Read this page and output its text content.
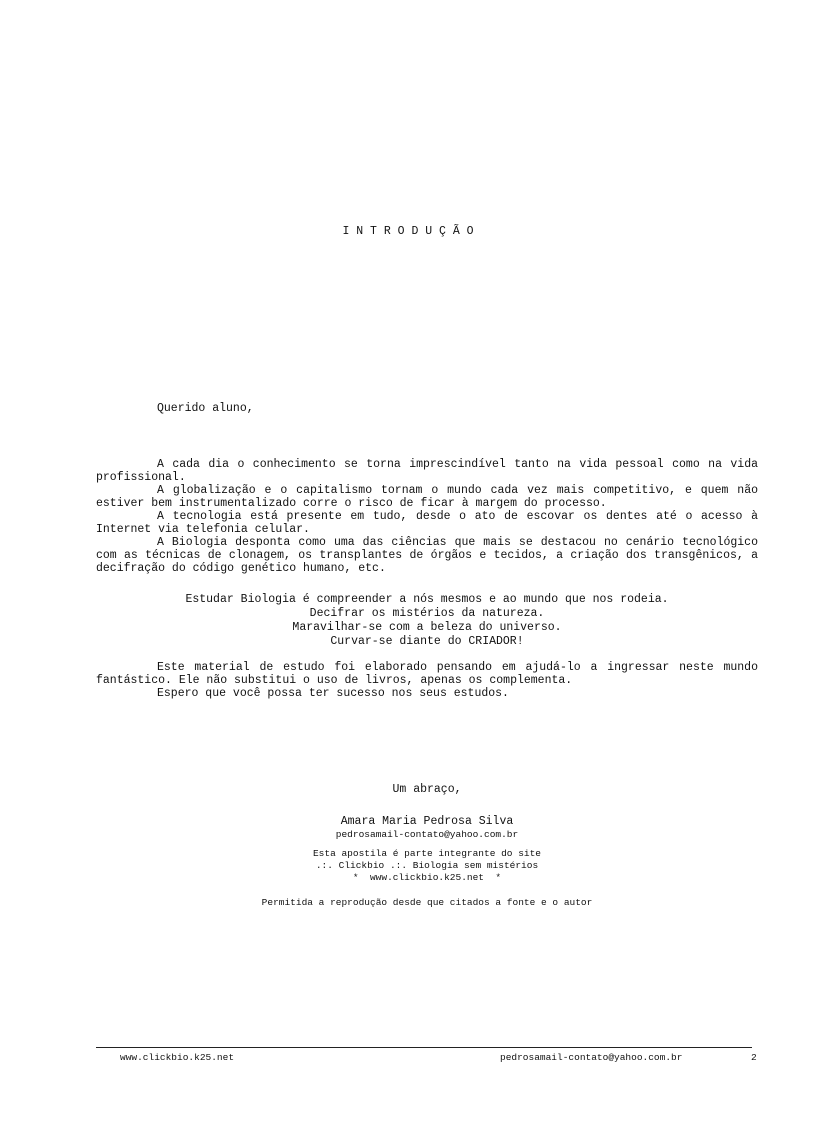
I N T R O D U Ç Ã O
Querido aluno,

A cada dia o conhecimento se torna imprescindível tanto na vida pessoal como na vida profissional.

A globalização e o capitalismo tornam o mundo cada vez mais competitivo, e quem não estiver bem instrumentalizado corre o risco de ficar à margem do processo.

A tecnologia está presente em tudo, desde o ato de escovar os dentes até o acesso à Internet via telefonia celular.

A Biologia desponta como uma das ciências que mais se destacou no cenário tecnológico com as técnicas de clonagem, os transplantes de órgãos e tecidos, a criação dos transgênicos, a decifração do código genético humano, etc.

Estudar Biologia é compreender a nós mesmos e ao mundo que nos rodeia.
Decifrar os mistérios da natureza.
Maravilhar-se com a beleza do universo.
Curvar-se diante do CRIADOR!

Este material de estudo foi elaborado pensando em ajudá-lo a ingressar neste mundo fantástico. Ele não substitui o uso de livros, apenas os complementa.

Espero que você possa ter sucesso nos seus estudos.

Um abraço,
Amara Maria Pedrosa Silva
pedrosamail-contato@yahoo.com.br
Esta apostila é parte integrante do site
.:. Clickbio .:. Biologia sem mistérios
*  www.clickbio.k25.net  *
Permitida a reprodução desde que citados a fonte e o autor
www.clickbio.k25.net	pedrosamail-contato@yahoo.com.br	2
